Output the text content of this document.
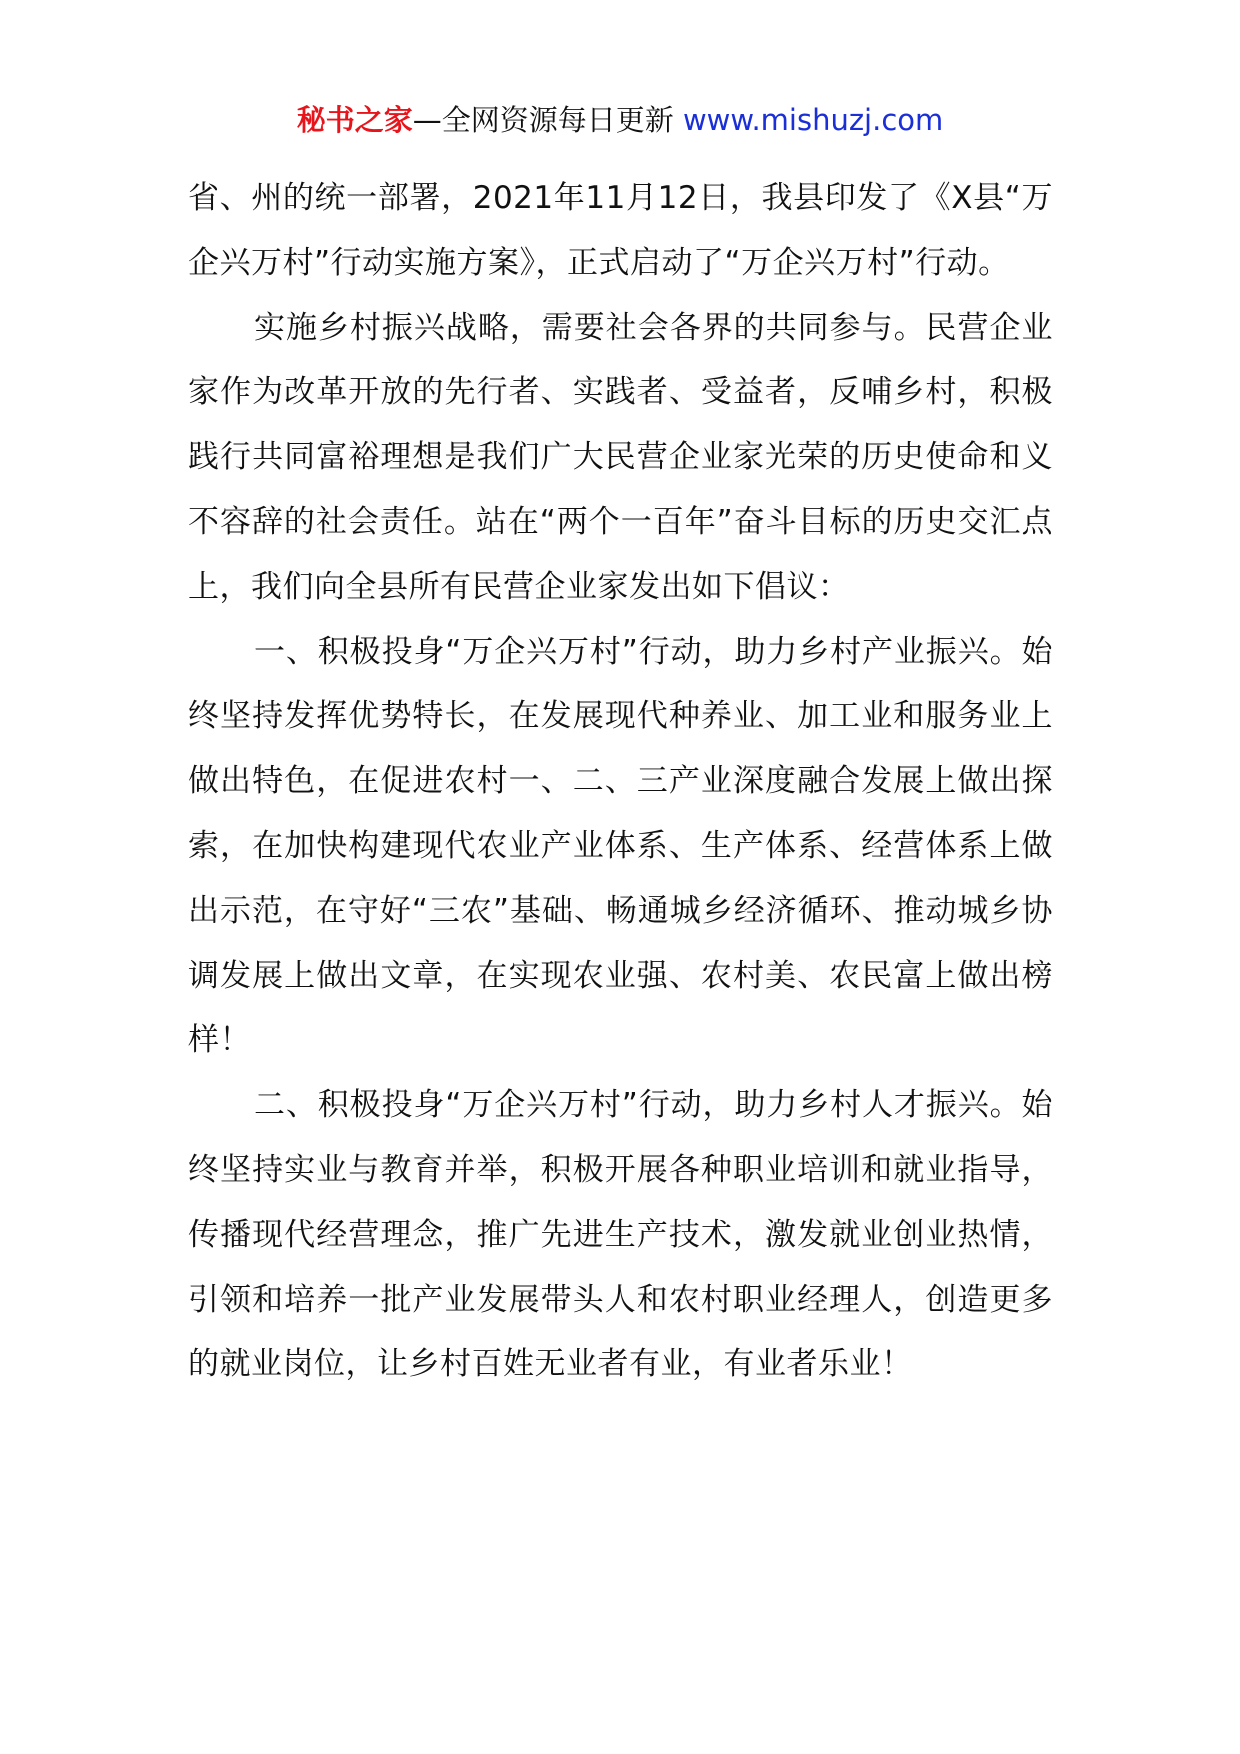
秘书之家—全网资源每日更新 www.mishuzj.com

省、州的统一部署，2021年11月12日，我县印发了《X县“万企兴万村”行动实施方案》，正式启动了“万企兴万村”行动。

实施乡村振兴战略，需要社会各界的共同参与。民营企业家作为改革开放的先行者、实践者、受益者，反哺乡村，积极践行共同富裕理想是我们广大民营企业家光荣的历史使命和义不容辞的社会责任。站在“两个一百年”奋斗目标的历史交汇点上，我们向全县所有民营企业家发出如下倡议：

一、积极投身“万企兴万村”行动，助力乡村产业振兴。始终坚持发挥优势特长，在发展现代种养业、加工业和服务业上做出特色，在促进农村一、二、三产业深度融合发展上做出探索，在加快构建现代农业产业体系、生产体系、经营体系上做出示范，在守好“三农”基础、畅通城乡经济循环、推动城乡协调发展上做出文章，在实现农业强、农村美、农民富上做出榜样！

二、积极投身“万企兴万村”行动，助力乡村人才振兴。始终坚持实业与教育并举，积极开展各种职业培训和就业指导，传播现代经营理念，推广先进生产技术，激发就业创业热情，引领和培养一批产业发展带头人和农村职业经理人，创造更多的就业岗位，让乡村百姓无业者有业，有业者乐业！
